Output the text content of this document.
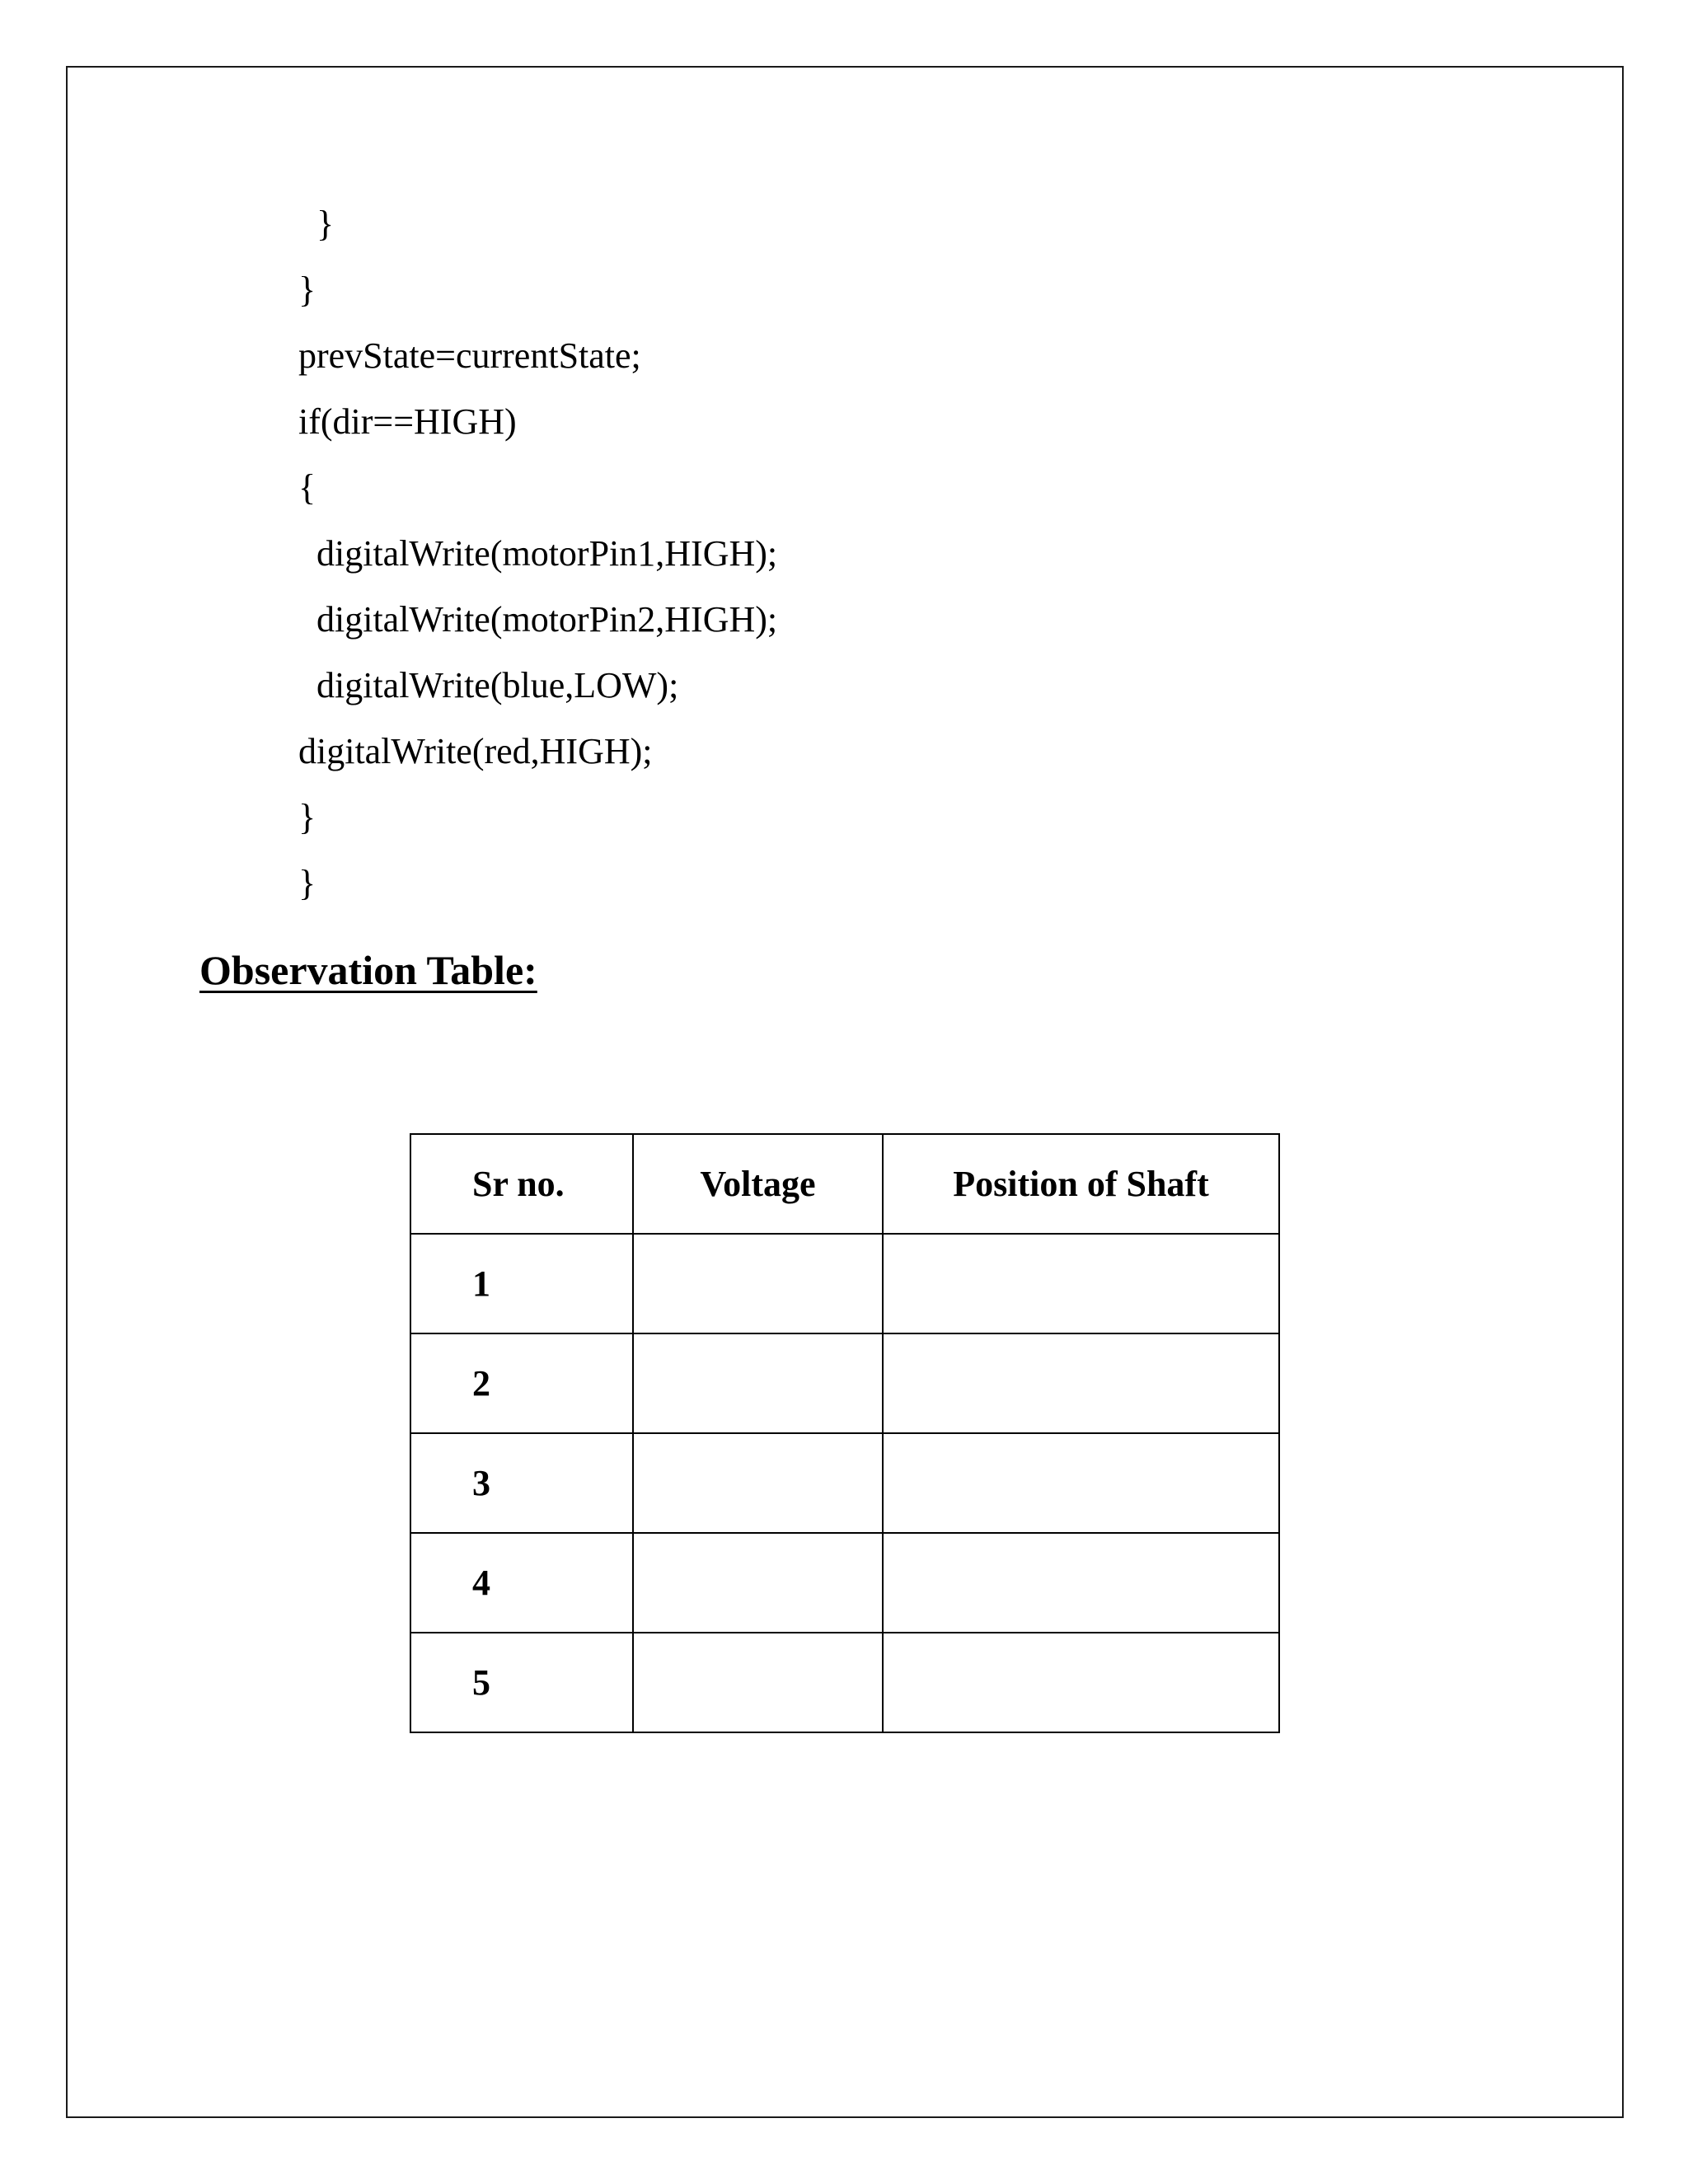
}
}
prevState=currentState;
if(dir==HIGH)
{
digitalWrite(motorPin1,HIGH);
digitalWrite(motorPin2,HIGH);
digitalWrite(blue,LOW);
digitalWrite(red,HIGH);
}
}
Observation Table:
Sr no.	Voltage	Position of Shaft
1		
2		
3		
4		
5		
